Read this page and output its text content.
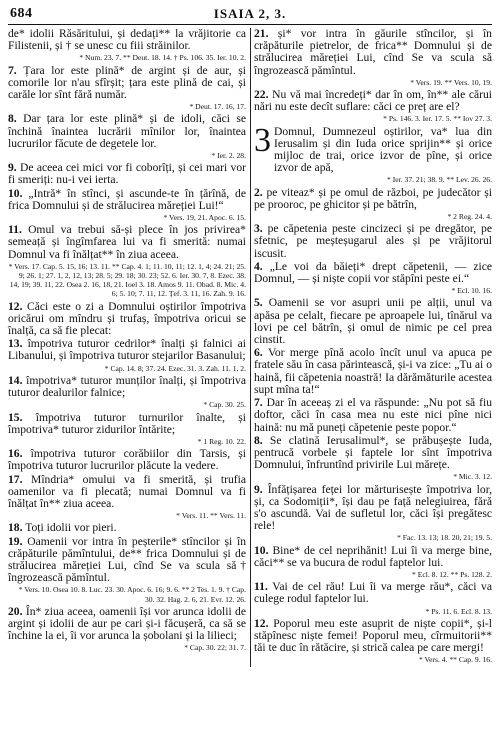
684	ISAIA 2, 3.
de* idolii Răsăritului, și dedați** la vrăjitorie ca Filistenii, și † se unesc cu fiii străinilor.
* Num. 23. 7. ** Deut. 18. 14. † Ps. 106. 35. Ier. 10. 2.
7. Țara lor este plină* de argint și de aur, și comorile lor n'au sfîrșit; țara este plină de cai, și carăle lor sînt fără număr.
* Deut. 17. 16, 17.
8. Dar țara lor este plină* și de idoli, căci se închină înaintea lucrării mînilor lor, înaintea lucrurilor făcute de degetele lor.
* Ier. 2. 28.
9. De aceea cei mici vor fi coborîți, și cei mari vor fi smeriți: nu-i vei ierta.
10. „Intră* în stînci, și ascunde-te în țărînă, de frica Domnului și de strălucirea măreției Lui!“
* Vers. 19, 21. Apoc. 6. 15.
11. Omul va trebui să-și plece în jos privirea* semeață și îngîmfarea lui va fi smerită: numai Domnul va fi înălțat** în ziua aceea.
* Vers. 17. Cap. 5. 15, 16; 13. 11. ** Cap. 4. 1; 11. 10, 11; 12. 1, 4; 24. 21; 25. 9; 26. 1; 27. 1, 2, 12, 13; 28. 5; 29. 18; 30. 23; 52. 6. Ier. 30. 7, 8. Ezec. 38. 14, 19; 39. 11, 22. Osea 2. 16, 18, 21. Ioel 3. 18. Amos 9. 11. Obad. 8. Mic. 4. 6; 5. 10; 7. 11, 12. Țef. 3. 11, 16. Zah. 9. 16.
12. Căci este o zi a Domnului oștirilor împotriva oricărui om mîndru și trufaș, împotriva oricui se înalță, ca să fie plecat:
13. împotriva tuturor cedrilor* înalți și falnici ai Libanului, și împotriva tuturor stejarilor Basanului;
* Cap. 14. 8; 37. 24. Ezec. 31. 3. Zah. 11. 1, 2.
14. împotriva* tuturor munților înalți, și împotriva tuturor dealurilor falnice;
* Cap. 30. 25.
15. împotriva tuturor turnurilor înalte, și împotriva* tuturor zidurilor întărite;
* 1 Reg. 10. 22.
16. împotriva tuturor corăbiilor din Tarsis, și împotriva tuturor lucrurilor plăcute la vedere.
17. Mîndria* omului va fi smerită, și trufia oamenilor va fi plecată; numai Domnul va fi înălțat în** ziua aceea.
* Vers. 11. ** Vers. 11.
18. Toți idolii vor pieri.
19. Oamenii vor intra în peșterile* stîncilor și în crăpăturile pămîntului, de** frica Domnului și de strălucirea măreției Lui, cînd Se va scula să† îngrozească pămîntul.
* Vers. 10. Osea 10. 8. Luc. 23. 30. Apoc. 6. 16; 9. 6. ** 2 Tes. 1. 9. † Cap. 30. 32. Hag. 2. 6, 21. Evr. 12. 26.
20. În* ziua aceea, oamenii își vor arunca idolii de argint și idolii de aur pe cari și-i făcușeră, ca să se închine la ei, îi vor arunca la șobolani și la lilieci;
* Cap. 30. 22; 31. 7.
21. și* vor intra în găurile stîncilor, și în crăpăturile pietrelor, de frica** Domnului și de strălucirea măreției Lui, cînd Se va scula să îngrozească pămîntul.
* Vers. 19. ** Vers. 10, 19.
22. Nu vă mai încredeți* dar în om, în** ale cărui nări nu este decît suflare: căci ce preț are el?
* Ps. 146. 3. Ier. 17. 5. ** Iov 27. 3.
3 Domnul, Dumnezeul oștirilor, va* lua din Ierusalim și din Iuda orice sprijin** și orice mijloc de trai, orice izvor de pîne, și orice izvor de apă,
* Ier. 37. 21; 38. 9. ** Lev. 26. 26.
2. pe viteaz* și pe omul de război, pe judecător și pe prooroc, pe ghicitor și pe bătrîn,
* 2 Reg. 24. 4.
3. pe căpetenia peste cincizeci și pe dregător, pe sfetnic, pe meșteșugarul ales și pe vrăjitorul iscusit.
4. „Le voi da băieți* drept căpetenii, — zice Domnul, — și niște copii vor stăpîni peste ei.“
* Ecl. 10. 16.
5. Oamenii se vor asupri unii pe alții, unul va apăsa pe celalt, fiecare pe aproapele lui, tînărul va lovi pe cel bătrîn, și omul de nimic pe cel prea cinstit.
6. Vor merge pînă acolo încît unul va apuca pe fratele său în casa părintească, și-i va zice: „Tu ai o haină, fii căpetenia noastră! Ia dărămăturile acestea supt mîna ta!“
7. Dar în aceeaș zi el va răspunde: „Nu pot să fiu doftor, căci în casa mea nu este nici pîne nici haină: nu mă puneți căpetenie peste popor.“
8. Se clatină Ierusalimul*, se prăbușește Iuda, pentrucă vorbele și faptele lor sînt împotriva Domnului, înfruntînd privirile Lui mărețe.
* Mic. 3. 12.
9. Înfățișarea feței lor mărturisește împotriva lor, și, ca Sodomiții*, își dau pe față nelegiuirea, fără s'o ascundă. Vai de sufletul lor, căci își pregătesc rele!
* Fac. 13. 13; 18. 20, 21; 19. 5.
10. Bine* de cel neprihănit! Lui îi va merge bine, căci** se va bucura de rodul faptelor lui.
* Ecl. 8. 12. ** Ps. 128. 2.
11. Vai de cel rău! Lui îi va merge rău*, căci va culege rodul faptelor lui.
* Ps. 11. 6. Ecl. 8. 13.
12. Poporul meu este asuprit de niște copii*, și-l stăpînesc niște femei! Poporul meu, cîrmuitorii** tăi te duc în rătăcire, și strică calea pe care mergi!
* Vers. 4. ** Cap. 9. 16.
